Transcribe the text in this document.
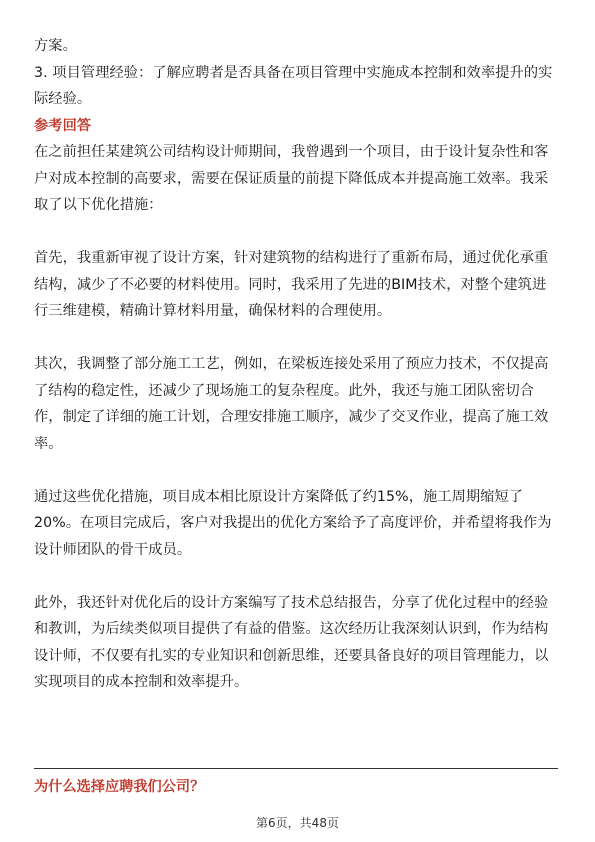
方案。
3. 项目管理经验：了解应聘者是否具备在项目管理中实施成本控制和效率提升的实
际经验。
参考回答
在之前担任某建筑公司结构设计师期间，我曾遇到一个项目，由于设计复杂性和客
户对成本控制的高要求，需要在保证质量的前提下降低成本并提高施工效率。我采
取了以下优化措施：
首先，我重新审视了设计方案，针对建筑物的结构进行了重新布局，通过优化承重
结构，减少了不必要的材料使用。同时，我采用了先进的BIM技术，对整个建筑进
行三维建模，精确计算材料用量，确保材料的合理使用。
其次，我调整了部分施工工艺，例如，在梁板连接处采用了预应力技术，不仅提高
了结构的稳定性，还减少了现场施工的复杂程度。此外，我还与施工团队密切合
作，制定了详细的施工计划，合理安排施工顺序，减少了交叉作业，提高了施工效
率。
通过这些优化措施，项目成本相比原设计方案降低了约15%，施工周期缩短了
20%。在项目完成后，客户对我提出的优化方案给予了高度评价，并希望将我作为
设计师团队的骨干成员。
此外，我还针对优化后的设计方案编写了技术总结报告，分享了优化过程中的经验
和教训，为后续类似项目提供了有益的借鉴。这次经历让我深刻认识到，作为结构
设计师，不仅要有扎实的专业知识和创新思维，还要具备良好的项目管理能力，以
实现项目的成本控制和效率提升。
为什么选择应聘我们公司？
第6页，共48页
